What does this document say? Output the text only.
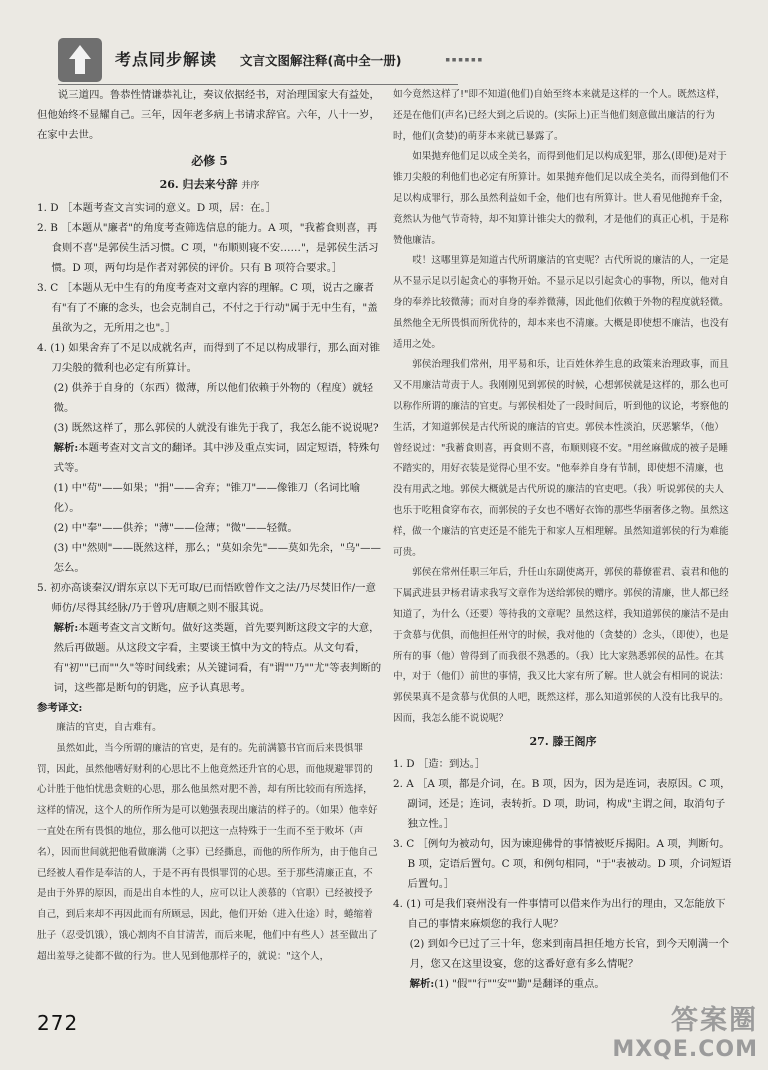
考点同步解读 文言文图解注释(高中全一册)	▪▪▪▪▪▪

说三道四。鲁恭性情谦恭礼让，奏议依据经书，对治理国家大有益处，但他始终不显耀自己。三年，因年老多病上书请求辞官。六年，八十一岁，在家中去世。

必修 5
26. 归去来兮辞 并序

1. D ［本题考查文言实词的意义。D 项，居：在。］

2. B ［本题从"廉者"的角度考查筛选信息的能力。A 项，"我蓄食则喜，再食则不喜"是郭侯生活习惯。C 项，"布顺则寝不安……"，是郭侯生活习惯。D 项，两句均是作者对郭侯的评价。只有 B 项符合要求。］

3. C ［本题从无中生有的角度考查对文章内容的理解。C 项，说古之廉者有"有了不廉的念头，也会克制自己，不付之于行动"属于无中生有，"盖虽欲为之，无所用之也"。］

4. (1) 如果舍弃了不足以成就名声，而得到了不足以构成罪行，那么面对锥刀尖般的微利也必定有所算计。

(2) 供养于自身的（东西）微薄，所以他们依赖于外物的（程度）就轻微。

(3) 既然这样了，那么郭侯的人就没有谁先于我了，我怎么能不说说呢?

解析:本题考查对文言文的翻译。其中涉及重点实词，固定短语，特殊句式等。

(1) 中"苟"——如果；"捐"——舍弃；"锥刀"——像锥刀（名词比喻化）。

(2) 中"奉"——供养；"薄"——俭薄；"微"——轻微。

(3) 中"然则"——既然这样，那么；"莫如余先"——莫如先余，"乌"——怎么。

5. 初亦高谈秦汉/谓东京以下无可取/已而悟欧曾作文之法/乃尽焚旧作/一意师仿/尽得其经脉/乃于曾巩/唐顺之则不服其说。

解析:本题考查文言文断句。做好这类题，首先要判断这段文字的大意，然后再做题。从这段文字看，主要谈王慎中为文的特点。从文句看，有"初""已而""久"等时间线索；从关键词看，有"谓""乃""尤"等表判断的词，这些都是断句的钥匙，应予认真思考。

参考译文:

廉洁的官吏，自古难有。

虽然如此，当今所谓的廉洁的官吏，是有的。先前满篡书官而后来畏惧罪罚，因此，虽然他嗜好财利的心思比不上他竟然还升官的心思，而他规避罪罚的心计胜于他怕忧患贪赃的心思，那么他虽然对肥不善，却有所比较而有所选择，这样的情况，这个人的所作所为是可以勉强表现出廉洁的样子的。（如果）他幸好一直处在所有畏惧的地位，那么他可以把这一点特殊于一生而不至于败坏（声名），因而世间就把他看做廉满（之事）已经撕息，而他的所作所为，由于他自己已经被人看作是奉洁的人，于是不再有畏惧罪罚的心思。至于那些清廉正直，不是由于外界的原因，而是出自本性的人，应可以让人羡慕的（官职）已经被授予自己，到后来却不再因此而有所顾忌，因此，他们开始（进入仕途）时，蜷缩着肚子（忍受饥饿），饿心割肉不自甘清苦，而后来呢，他们中有些人）甚至做出了超出羞辱之徒都不做的行为。世人见到他那样子的，就说："这个人，

如今竟然这样了!"即不知道(他们)自始至终本来就是这样的一个人。既然这样，还是在他们(声名)已经大到之后说的。(实际上)正当他们刻意做出廉洁的行为时，他们(贪婪)的萌芽本来就已暴露了。

如果抛弃他们足以成全美名，而得到他们足以构成犯罪，那么(即便)是对于锥刀尖般的利他们也必定有所算计。如果抛弃他们足以成全美名，而得到他们不足以构成罪行，那么虽然利益如千金，他们也有所算计。世人看见他抛弃千金，竟然认为他气节奇特，却不知算计锥尖大的微利，才是他们的真正心机，于是称赞他廉洁。

哎！这哪里算是知道古代所谓廉洁的官吏呢？古代所说的廉洁的人，一定是从不显示足以引起贪心的事物开始。不显示足以引起贪心的事物，所以，他对自身的奉养比较微薄；而对自身的奉养微薄，因此他们依赖于外物的程度就轻微。虽然他全无所畏惧而所优待的，却本来也不清廉。大概是即使想不廉洁，也没有适用之处。

郭侯治理我们常州，用平易和乐，让百姓休养生息的政策来治理政事，而且又不用廉洁苛责于人。我刚刚见到郭侯的时候，心想郭侯就是这样的，那么也可以称作所谓的廉洁的官吏。与郭侯相处了一段时间后，听到他的议论，考察他的生活，才知道郭侯是古代所说的廉洁的官吏。郭侯本性淡泊，厌恶繁华，（他）曾经说过："我蓄食则喜，再食则不喜，布顺则寝不安。"用丝麻做成的被子是睡不踏实的，用好衣装是觉得心里不安。"他奉养自身有节制，即使想不清廉，也没有用武之地。郭侯大概就是古代所说的廉洁的官吏吧。（我）听说郭侯的夫人也乐于吃粗食穿布衣，而郭侯的子女也不嗜好衣饰的那些华丽奢侈之物。虽然这样，做一个廉洁的官吏还是不能先于和家人互相理解。虽然知道郭侯的行为难能可贵。

郭侯在常州任职三年后，升任山东副使离开，郭侯的幕僚霍君、袁君和他的下属武进县尹杨君请求我写文章作为送给郭侯的赠序。郭侯的清廉，世人都已经知道了，为什么（还要）等待我的文章呢？虽然这样，我知道郭侯的廉洁不是由于贪慕与优俱，而他担任州守的时候，我对他的（贪婪的）念头，（即使），也是所有的事（他）曾得到了而我很不熟悉的。（我）比大家熟悉郭侯的品性。在其中，对于（他们）前世的事情，我又比大家有所了解。世人就会有相同的说法：郭侯果真不是贪慕与优俱的人吧，既然这样，那么知道郭侯的人没有比我早的。因而，我怎么能不说说呢？

27. 滕王阁序

1. D ［造：到达。］

2. A ［A 项，都是介词，在。B 项，因为，因为是连词，表原因。C 项，副词，还是；连词，表转折。D 项，助词，构成"主谓之间，取消句子独立性。］

3. C ［例句为被动句，因为谏迎佛骨的事情被贬斥揭阳。A 项，判断句。B 项，定语后置句。C 项，和例句相同，"于"表被动。D 项，介词短语后置句。］

4. (1) 可是我们衰州没有一件事情可以借来作为出行的理由，又怎能放下自己的事情来麻烦您的我行人呢？

(2) 到如今已过了三十年，您来到南昌担任地方长官，到今天刚满一个月，您又在这里设宴，您的这番好意有多么情呢？

解析:(1) "假""行""安""勤"是翻译的重点。

272	答案圈
MXQE.COM
